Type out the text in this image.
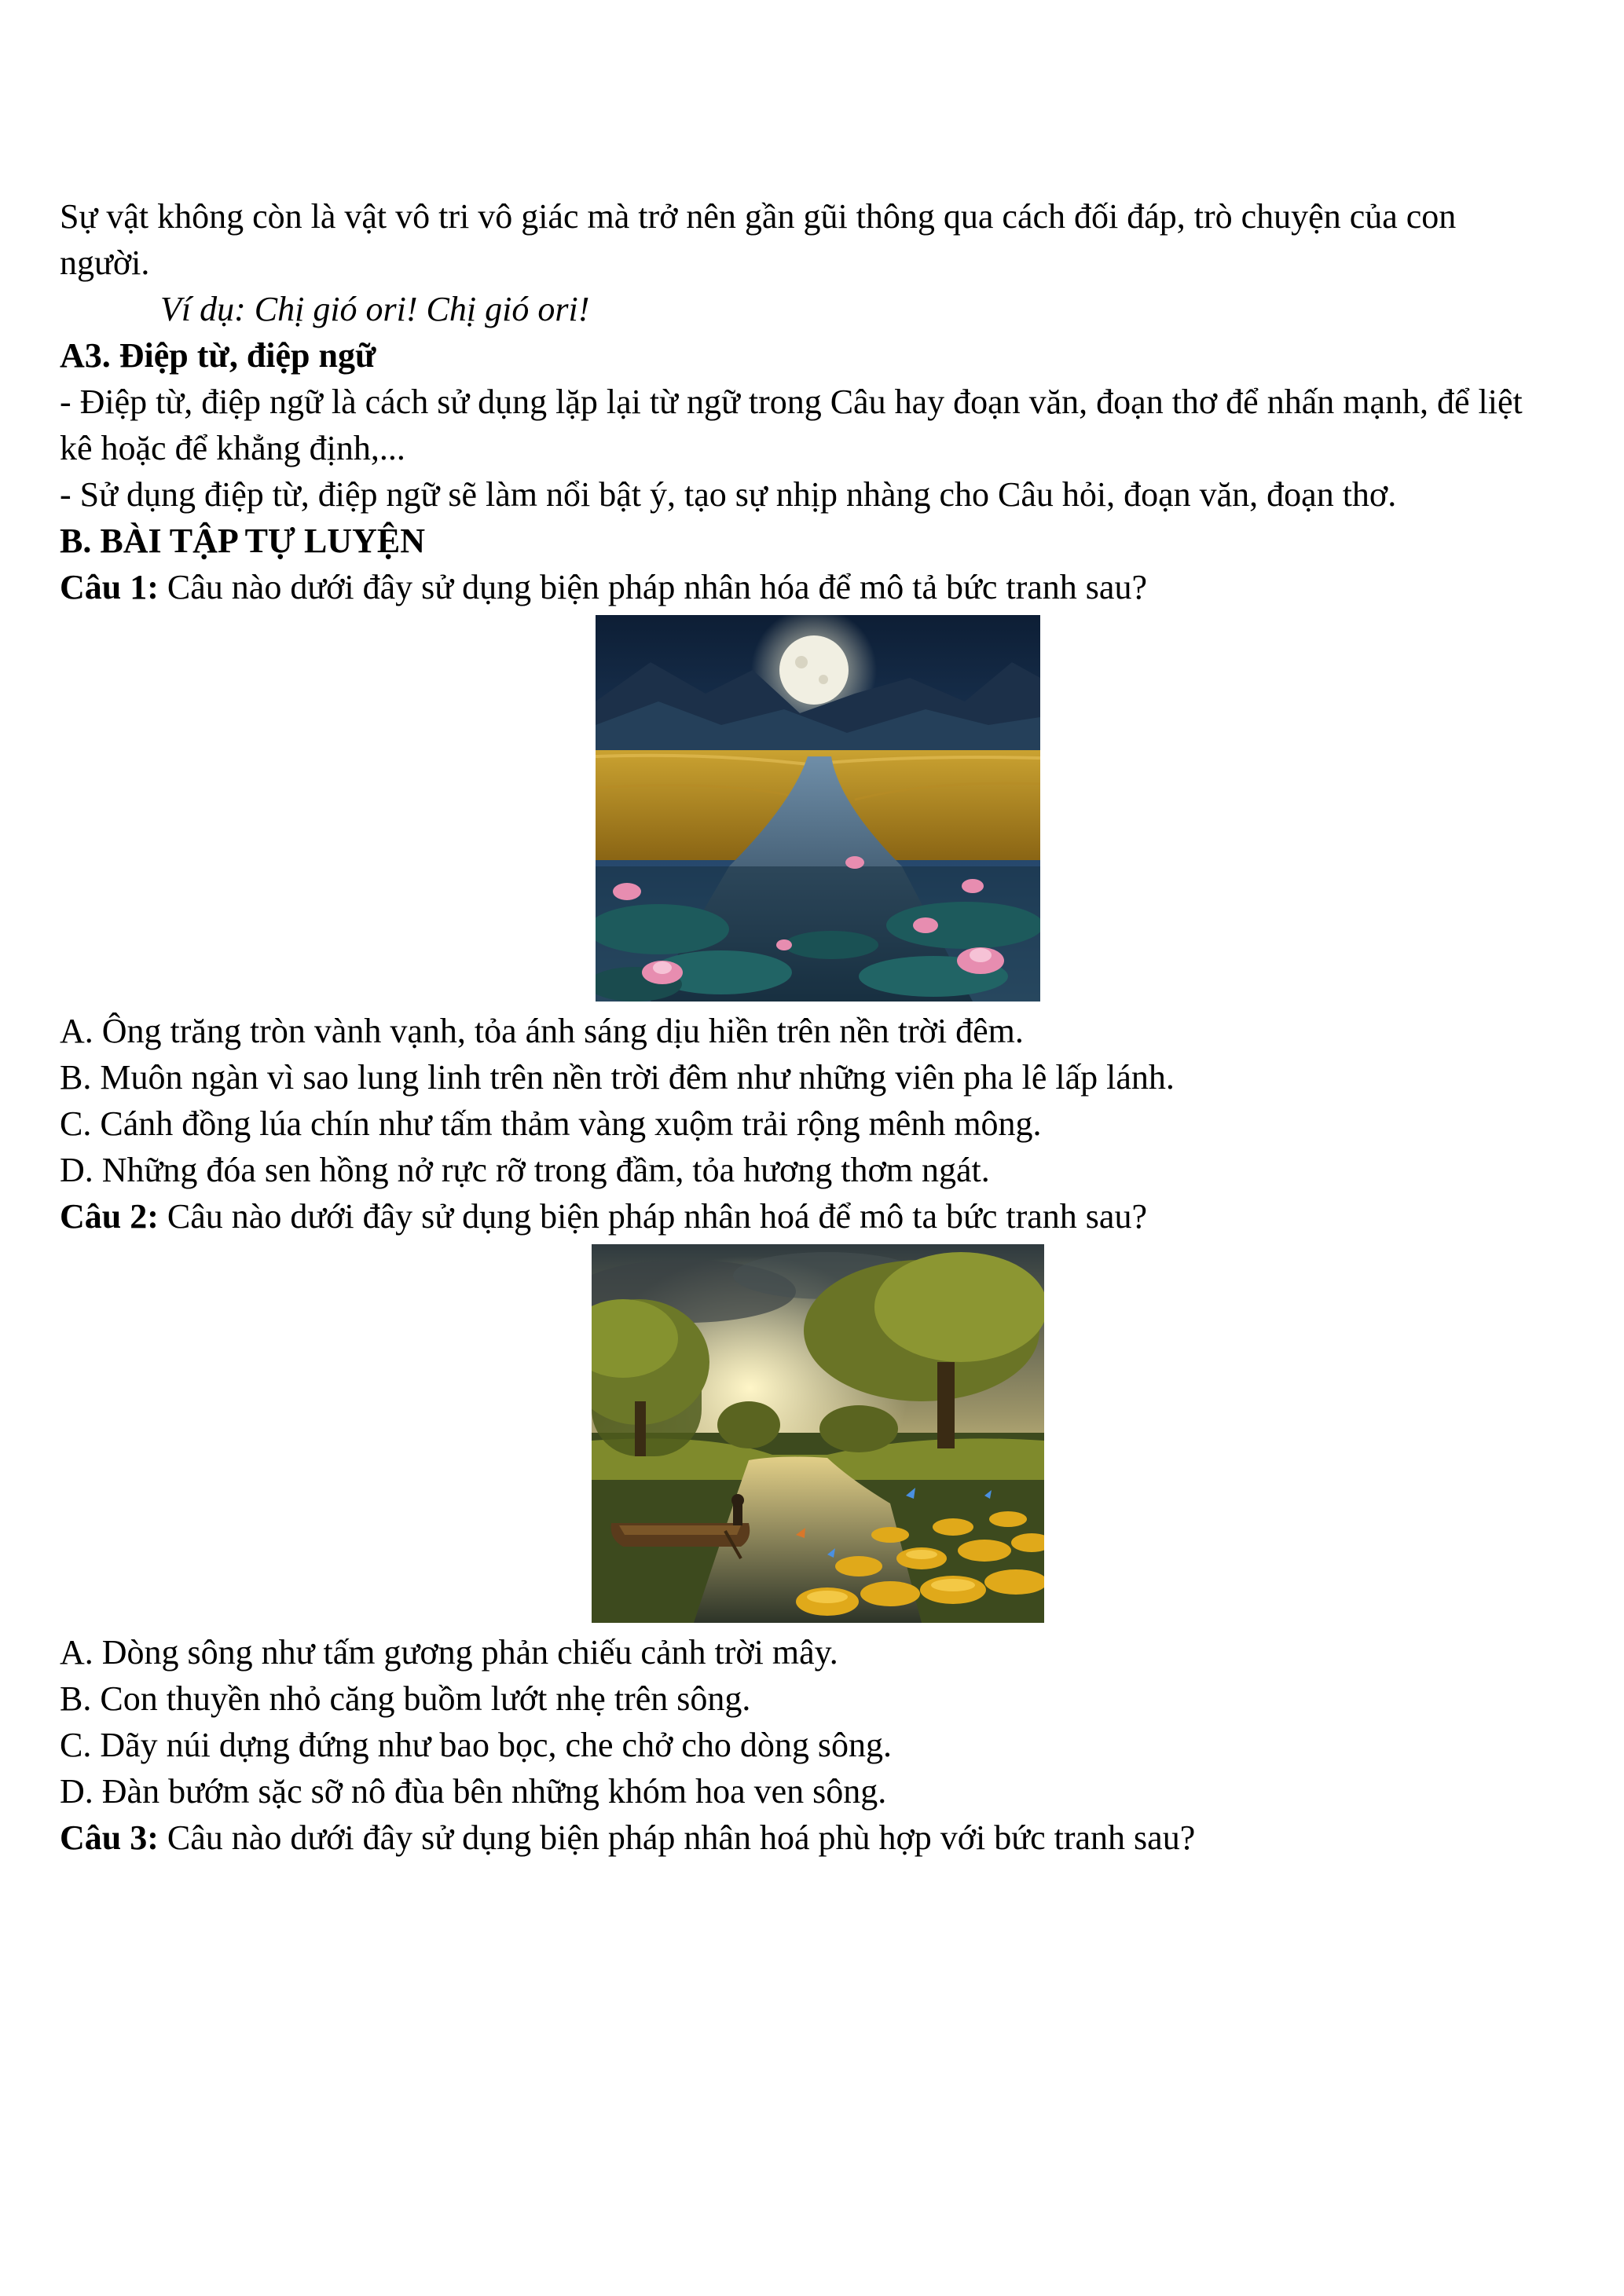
Sự vật không còn là vật vô tri vô giác mà trở nên gần gũi thông qua cách đối đáp, trò chuyện của con

người.

Ví dụ: Chị gió ori! Chị gió ori!

A3. Điệp từ, điệp ngữ

- Điệp từ, điệp ngữ là cách sử dụng lặp lại từ ngữ trong Câu hay đoạn văn, đoạn thơ để nhấn mạnh, để liệt

kê hoặc để khẳng định,...

- Sử dụng điệp từ, điệp ngữ sẽ làm nổi bật ý, tạo sự nhịp nhàng cho Câu hỏi, đoạn văn, đoạn thơ.

B. BÀI TẬP TỰ LUYỆN

Câu 1: Câu nào dưới đây sử dụng biện pháp nhân hóa để mô tả bức tranh sau?

A. Ông trăng tròn vành vạnh, tỏa ánh sáng dịu hiền trên nền trời đêm.

B. Muôn ngàn vì sao lung linh trên nền trời đêm như những viên pha lê lấp lánh.

C. Cánh đồng lúa chín như tấm thảm vàng xuộm trải rộng mênh mông.

D. Những đóa sen hồng nở rực rỡ trong đầm, tỏa hương thơm ngát.

Câu 2: Câu nào dưới đây sử dụng biện pháp nhân hoá để mô ta bức tranh sau?

A. Dòng sông như tấm gương phản chiếu cảnh trời mây.

B. Con thuyền nhỏ căng buồm lướt nhẹ trên sông.

C. Dãy núi dựng đứng như bao bọc, che chở cho dòng sông.

D. Đàn bướm sặc sỡ nô đùa bên những khóm hoa ven sông.

Câu 3: Câu nào dưới đây sử dụng biện pháp nhân hoá phù hợp với bức tranh sau?
